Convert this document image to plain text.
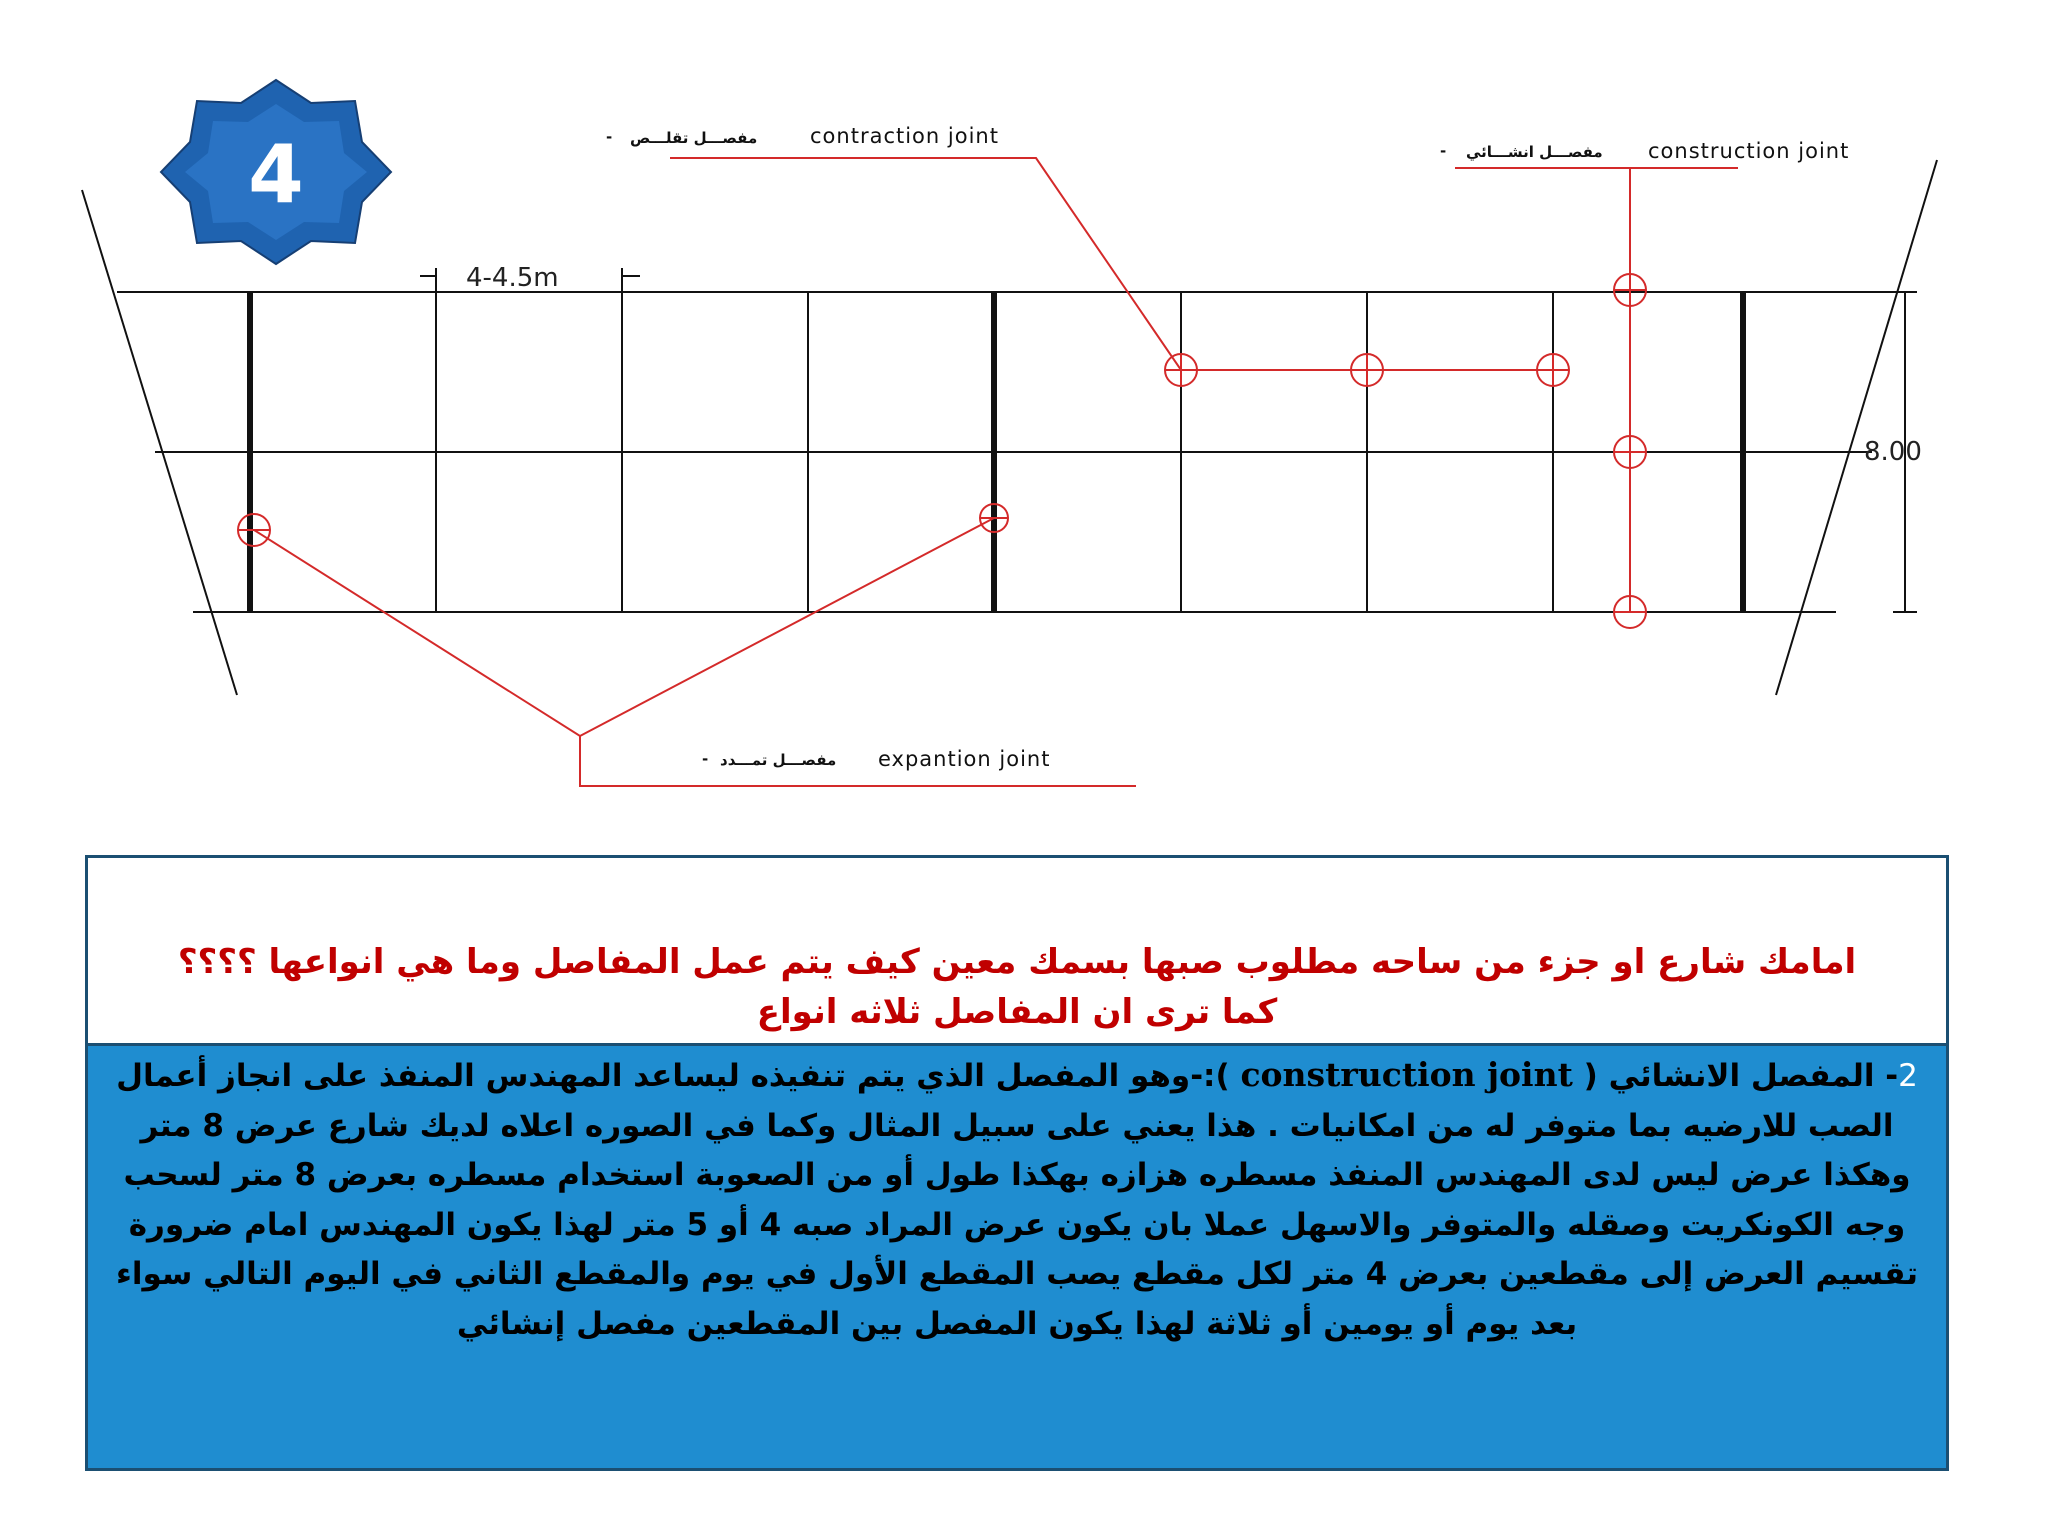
4-4.5m
8.00
contraction joint
مفصـــل تقلـــص
-
construction joint
مفصـــل انشـــائي
-
expantion joint
مفصـــل تمـــدد
-
4

امامك شارع او جزء من ساحه مطلوب صبها بسمك معين كيف يتم عمل المفاصل وما هي انواعها ؟؟؟؟

كما ترى ان المفاصل ثلاثه انواع

2- المفصل الانشائي ( construction joint ):-وهو المفصل الذي يتم تنفيذه ليساعد المهندس المنفذ على انجاز أعمال الصب للارضيه بما متوفر له من امكانيات . هذا يعني على سبيل المثال وكما في الصوره اعلاه لديك شارع عرض 8 متر وهكذا عرض ليس لدى المهندس المنفذ مسطره هزازه بهكذا طول أو من الصعوبة استخدام مسطره بعرض 8 متر لسحب وجه الكونكريت وصقله والمتوفر والاسهل عملا بان يكون عرض المراد صبه 4 أو 5 متر لهذا يكون المهندس امام ضرورة تقسيم العرض إلى مقطعين بعرض 4 متر لكل مقطع يصب المقطع الأول في يوم والمقطع الثاني في اليوم التالي سواء بعد يوم أو يومين أو ثلاثة لهذا يكون المفصل بين المقطعين مفصل إنشائي
